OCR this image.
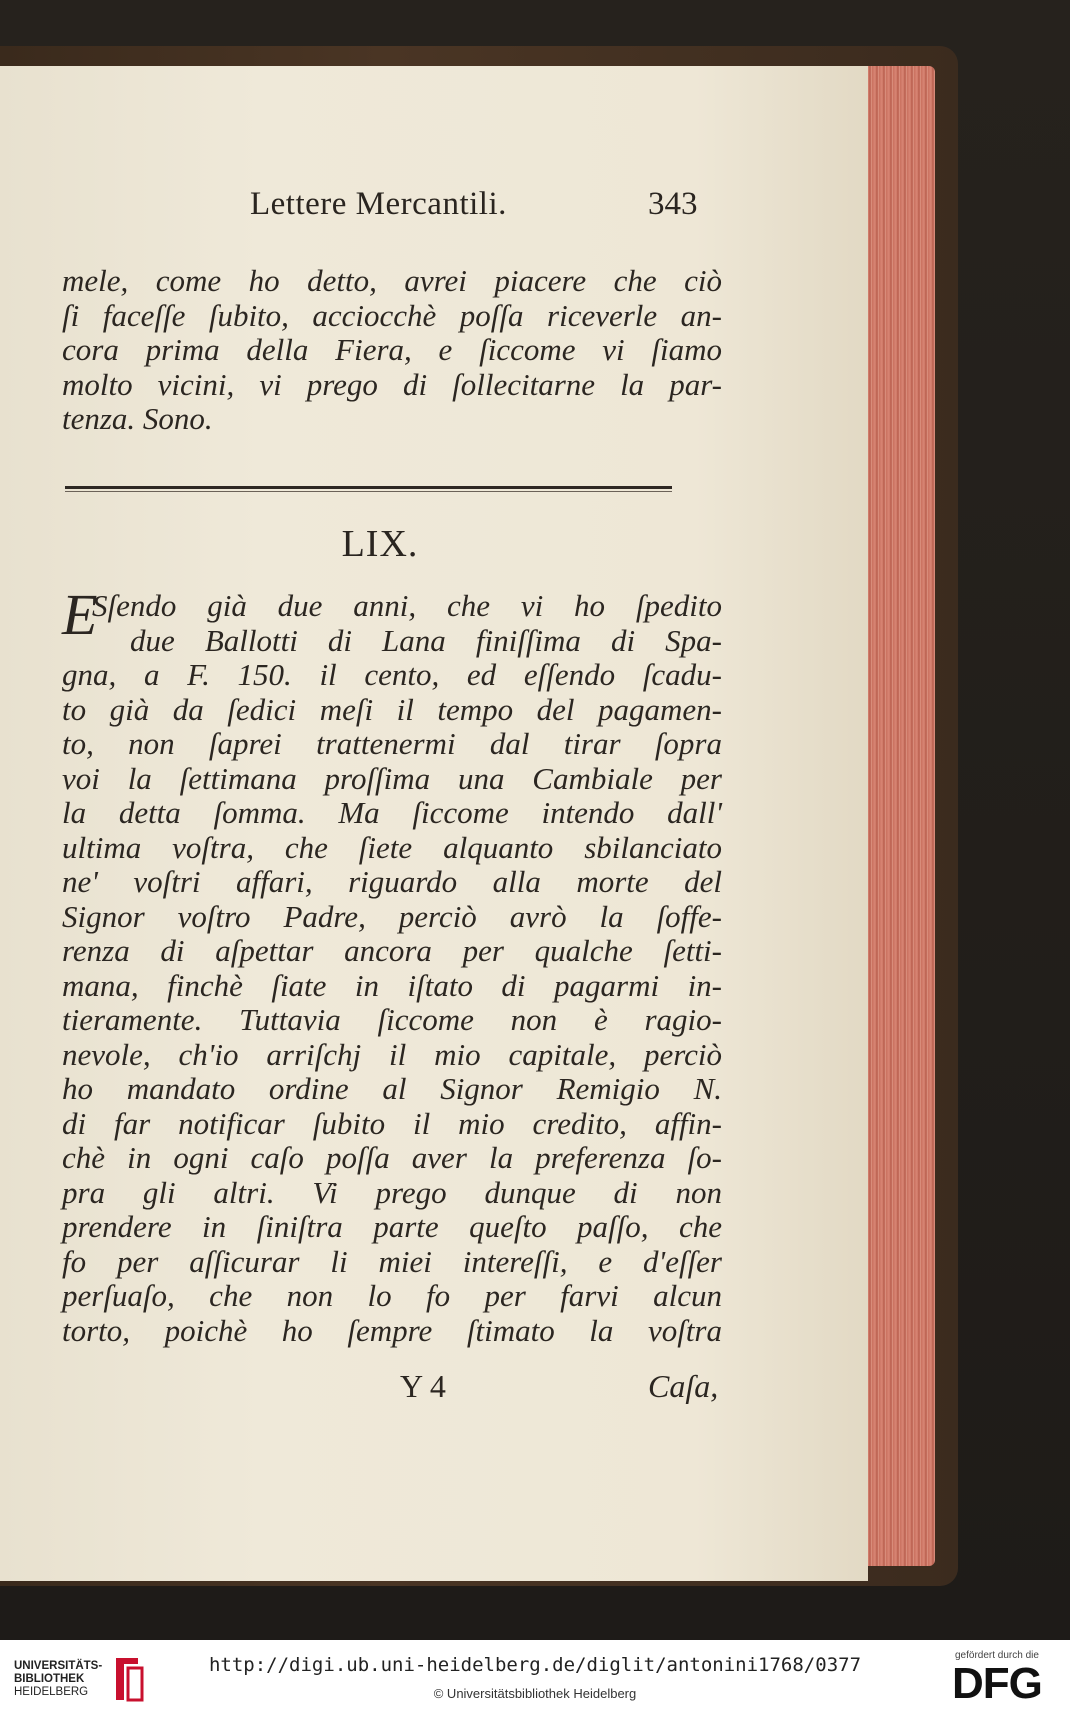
Lettere Mercantili.	343
mele, come ho detto, avrei piacere che ciò
ſi faceſſe ſubito, acciocchè poſſa riceverle an-
cora prima della Fiera, e ſiccome vi ſiamo
molto vicini, vi prego di ſollecitarne la par-
tenza. Sono.
LIX.
E
Sſendo già due anni, che vi ho ſpedito
due Ballotti di Lana finiſſima di Spa-
gna, a F. 150. il cento, ed eſſendo ſcadu-
to già da ſedici meſi il tempo del pagamen-
to, non ſaprei trattenermi dal tirar ſopra
voi la ſettimana proſſima una Cambiale per
la detta ſomma. Ma ſiccome intendo dall'
ultima voſtra, che ſiete alquanto sbilanciato
ne' voſtri affari, riguardo alla morte del
Signor voſtro Padre, perciò avrò la ſoffe-
renza di aſpettar ancora per qualche ſetti-
mana, finchè ſiate in iſtato di pagarmi in-
tieramente. Tuttavia ſiccome non è ragio-
nevole, ch'io arriſchj il mio capitale, perciò
ho mandato ordine al Signor Remigio N.
di far notificar ſubito il mio credito, affin-
chè in ogni caſo poſſa aver la preferenza ſo-
pra gli altri. Vi prego dunque di non
prendere in ſiniſtra parte queſto paſſo, che
fo per aſſicurar li miei intereſſi, e d'eſſer
perſuaſo, che non lo fo per farvi alcun
torto, poichè ho ſempre ſtimato la voſtra
Y 4	Caſa,
UNIVERSITÄTS-
BIBLIOTHEK
HEIDELBERG
http://digi.ub.uni-heidelberg.de/diglit/antonini1768/0377
© Universitätsbibliothek Heidelberg
gefördert durch die
DFG
